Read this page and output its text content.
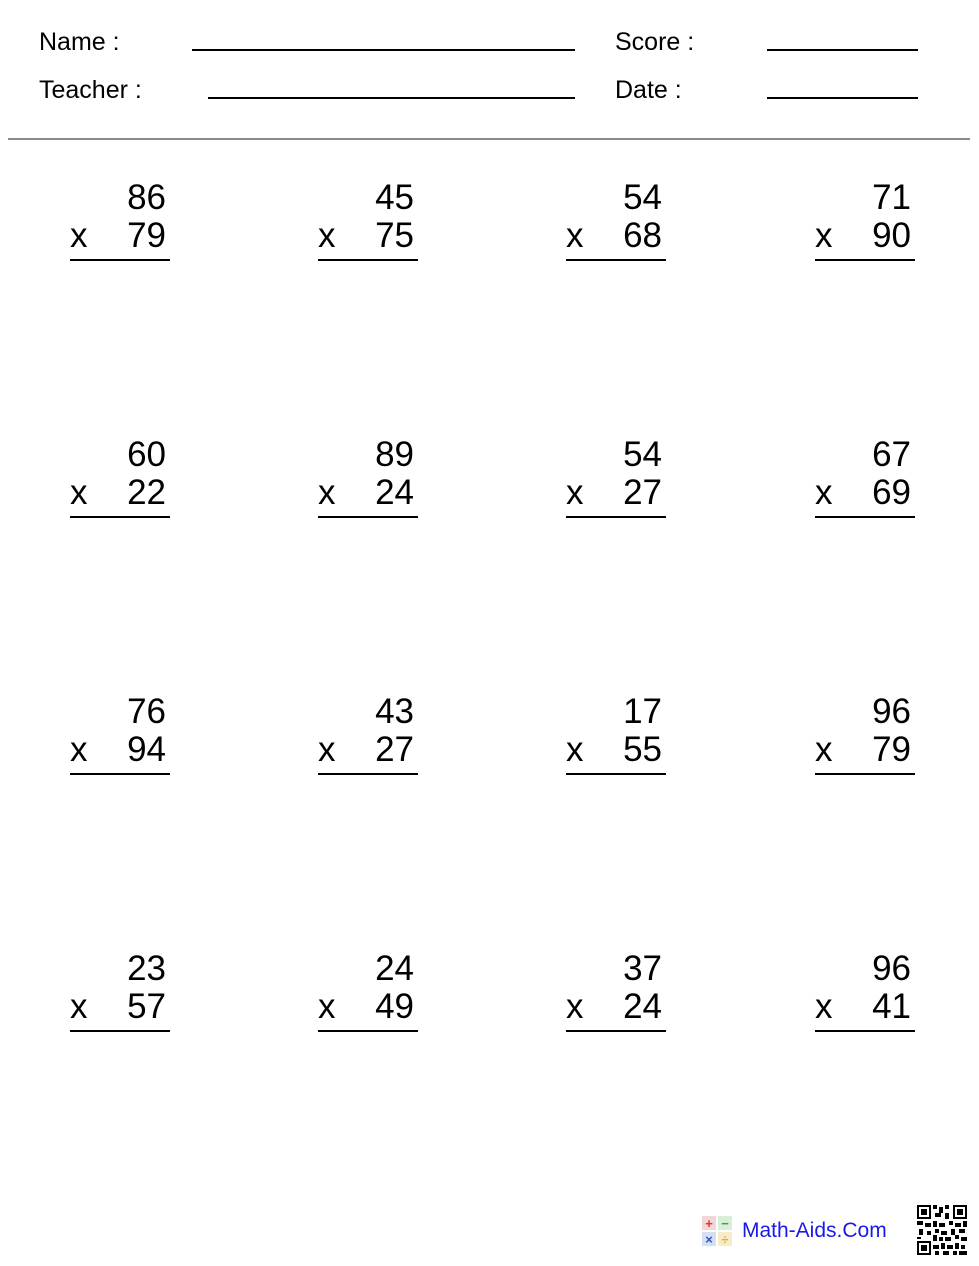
Name :
Teacher :
Score :
Date :
86
x 79
45
x 75
54
x 68
71
x 90
60
x 22
89
x 24
54
x 27
67
x 69
76
x 94
43
x 27
17
x 55
96
x 79
23
x 57
24
x 49
37
x 24
96
x 41
+ −
× ÷ Math-Aids.Com
